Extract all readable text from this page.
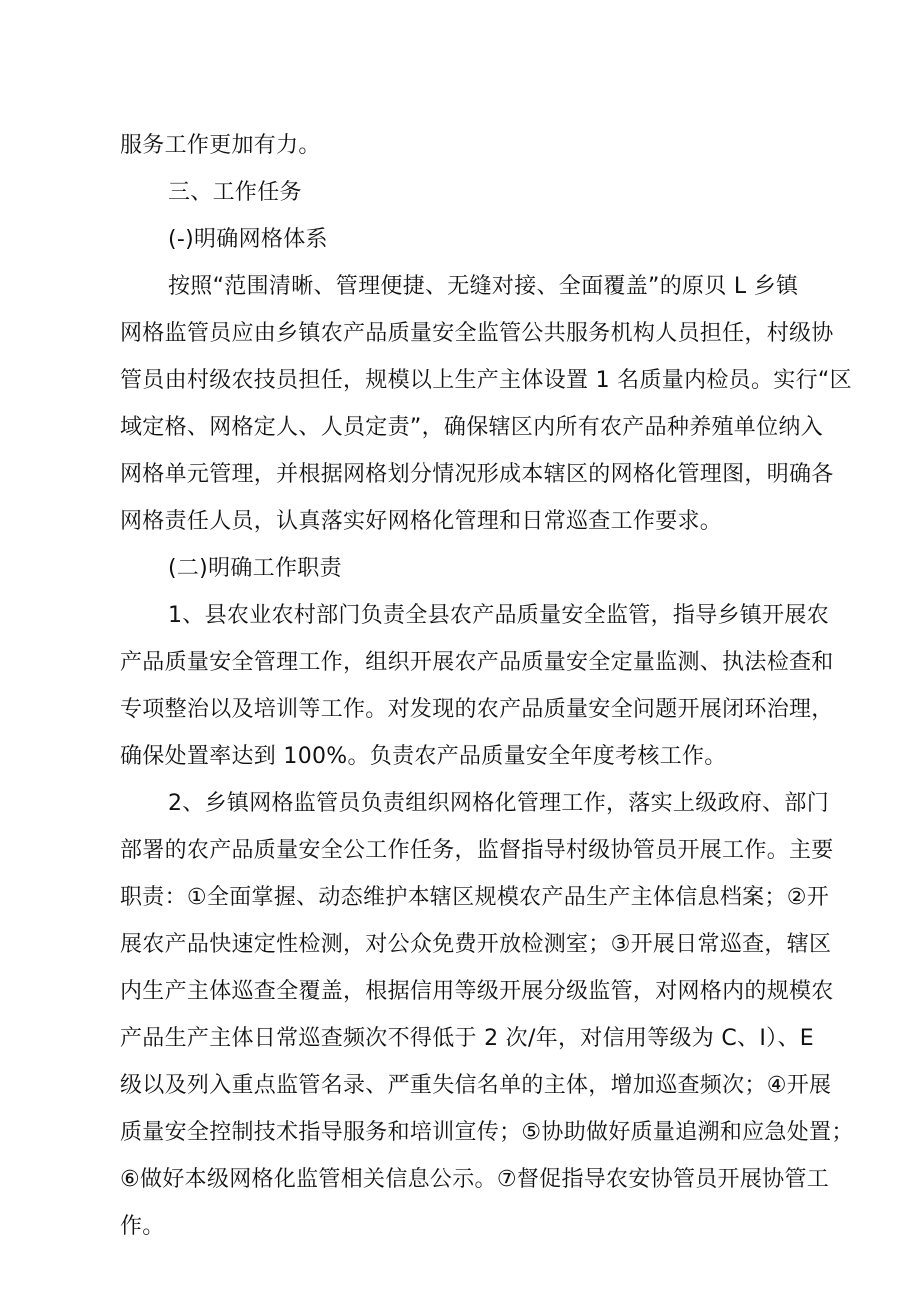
服务工作更加有力。
三、工作任务
(-)明确网格体系
按照“范围清晰、管理便捷、无缝对接、全面覆盖”的原贝 L 乡镇
网格监管员应由乡镇农产品质量安全监管公共服务机构人员担任，村级协
管员由村级农技员担任，规模以上生产主体设置 1 名质量内检员。实行“区
域定格、网格定人、人员定责”，确保辖区内所有农产品种养殖单位纳入
网格单元管理，并根据网格划分情况形成本辖区的网格化管理图，明确各
网格责任人员，认真落实好网格化管理和日常巡查工作要求。
(二)明确工作职责
1、县农业农村部门负责全县农产品质量安全监管，指导乡镇开展农
产品质量安全管理工作，组织开展农产品质量安全定量监测、执法检查和
专项整治以及培训等工作。对发现的农产品质量安全问题开展闭环治理，
确保处置率达到 100%。负责农产品质量安全年度考核工作。
2、乡镇网格监管员负责组织网格化管理工作，落实上级政府、部门
部署的农产品质量安全公工作任务，监督指导村级协管员开展工作。主要
职责：①全面掌握、动态维护本辖区规模农产品生产主体信息档案；②开
展农产品快速定性检测，对公众免费开放检测室；③开展日常巡查，辖区
内生产主体巡查全覆盖，根据信用等级开展分级监管，对网格内的规模农
产品生产主体日常巡查频次不得低于 2 次/年，对信用等级为 C、I）、E
级以及列入重点监管名录、严重失信名单的主体，增加巡查频次；④开展
质量安全控制技术指导服务和培训宣传；⑤协助做好质量追溯和应急处置；
⑥做好本级网格化监管相关信息公示。⑦督促指导农安协管员开展协管工
作。
